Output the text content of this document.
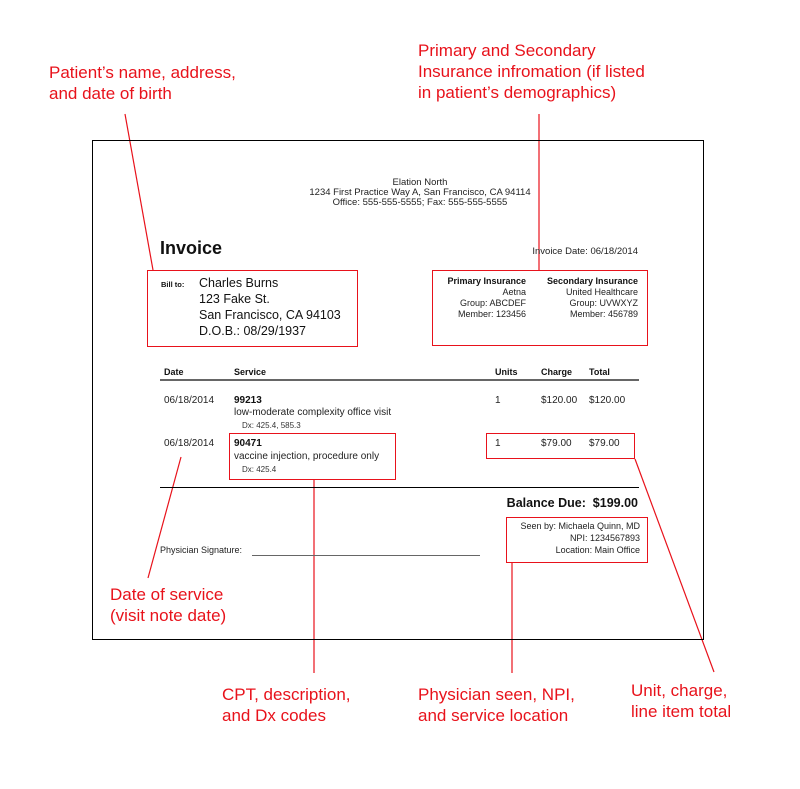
Patient’s name, address,
and date of birth
Primary and Secondary
Insurance infromation (if listed
in patient’s demographics)
Date of service
(visit note date)
CPT, description,
and Dx codes
Physician seen, NPI,
and service location
Unit, charge,
line item total
Elation North
1234 First Practice Way A, San Francisco, CA 94114
Office: 555-555-5555; Fax: 555-555-5555
Invoice	Invoice Date: 06/18/2014
Bill to: Charles Burns
123 Fake St.
San Francisco, CA 94103
D.O.B.: 08/29/1937
Primary Insurance
Aetna
Group: ABCDEF
Member: 123456
Secondary Insurance
United Healthcare
Group: UVWXYZ
Member: 456789
Date	Service	Units	Charge Total
06/18/2014 99213
low-moderate complexity office visit
Dx: 425.4, 585.3
1	$120.00 $120.00
06/18/2014 90471
vaccine injection, procedure only
Dx: 425.4
1	$79.00 $79.00
Balance Due:  $199.00
Seen by: Michaela Quinn, MD
NPI: 1234567893
Location: Main Office
Physician Signature:
